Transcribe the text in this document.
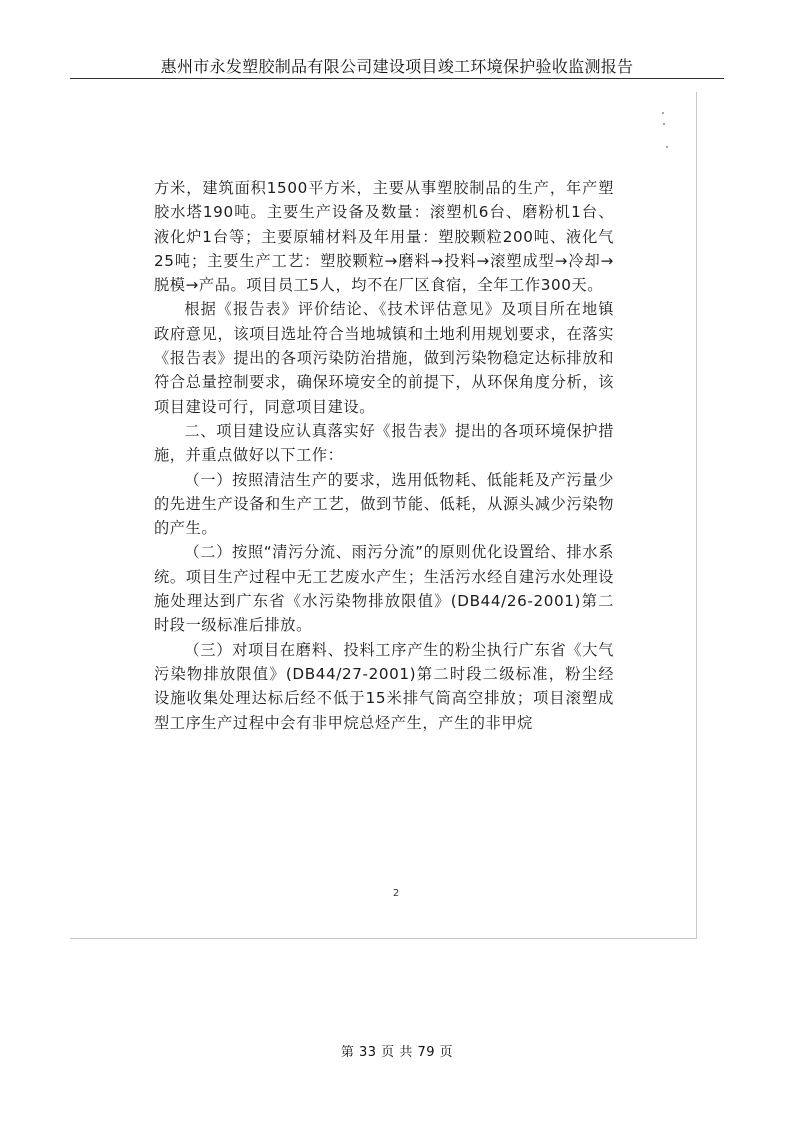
惠州市永发塑胶制品有限公司建设项目竣工环境保护验收监测报告

方米，建筑面积1500平方米，主要从事塑胶制品的生产，年产塑胶水塔190吨。主要生产设备及数量：滚塑机6台、磨粉机1台、液化炉1台等；主要原辅材料及年用量：塑胶颗粒200吨、液化气25吨；主要生产工艺：塑胶颗粒→磨料→投料→滚塑成型→冷却→脱模→产品。项目员工5人，均不在厂区食宿，全年工作300天。

根据《报告表》评价结论、《技术评估意见》及项目所在地镇政府意见，该项目选址符合当地城镇和土地利用规划要求，在落实《报告表》提出的各项污染防治措施，做到污染物稳定达标排放和符合总量控制要求，确保环境安全的前提下，从环保角度分析，该项目建设可行，同意项目建设。

二、项目建设应认真落实好《报告表》提出的各项环境保护措施，并重点做好以下工作：

（一）按照清洁生产的要求，选用低物耗、低能耗及产污量少的先进生产设备和生产工艺，做到节能、低耗，从源头减少污染物的产生。

（二）按照“清污分流、雨污分流”的原则优化设置给、排水系统。项目生产过程中无工艺废水产生；生活污水经自建污水处理设施处理达到广东省《水污染物排放限值》(DB44/26-2001)第二时段一级标准后排放。

（三）对项目在磨料、投料工序产生的粉尘执行广东省《大气污染物排放限值》(DB44/27-2001)第二时段二级标准，粉尘经设施收集处理达标后经不低于15米排气筒高空排放；项目滚塑成型工序生产过程中会有非甲烷总烃产生，产生的非甲烷

2
第 33 页 共 79 页
